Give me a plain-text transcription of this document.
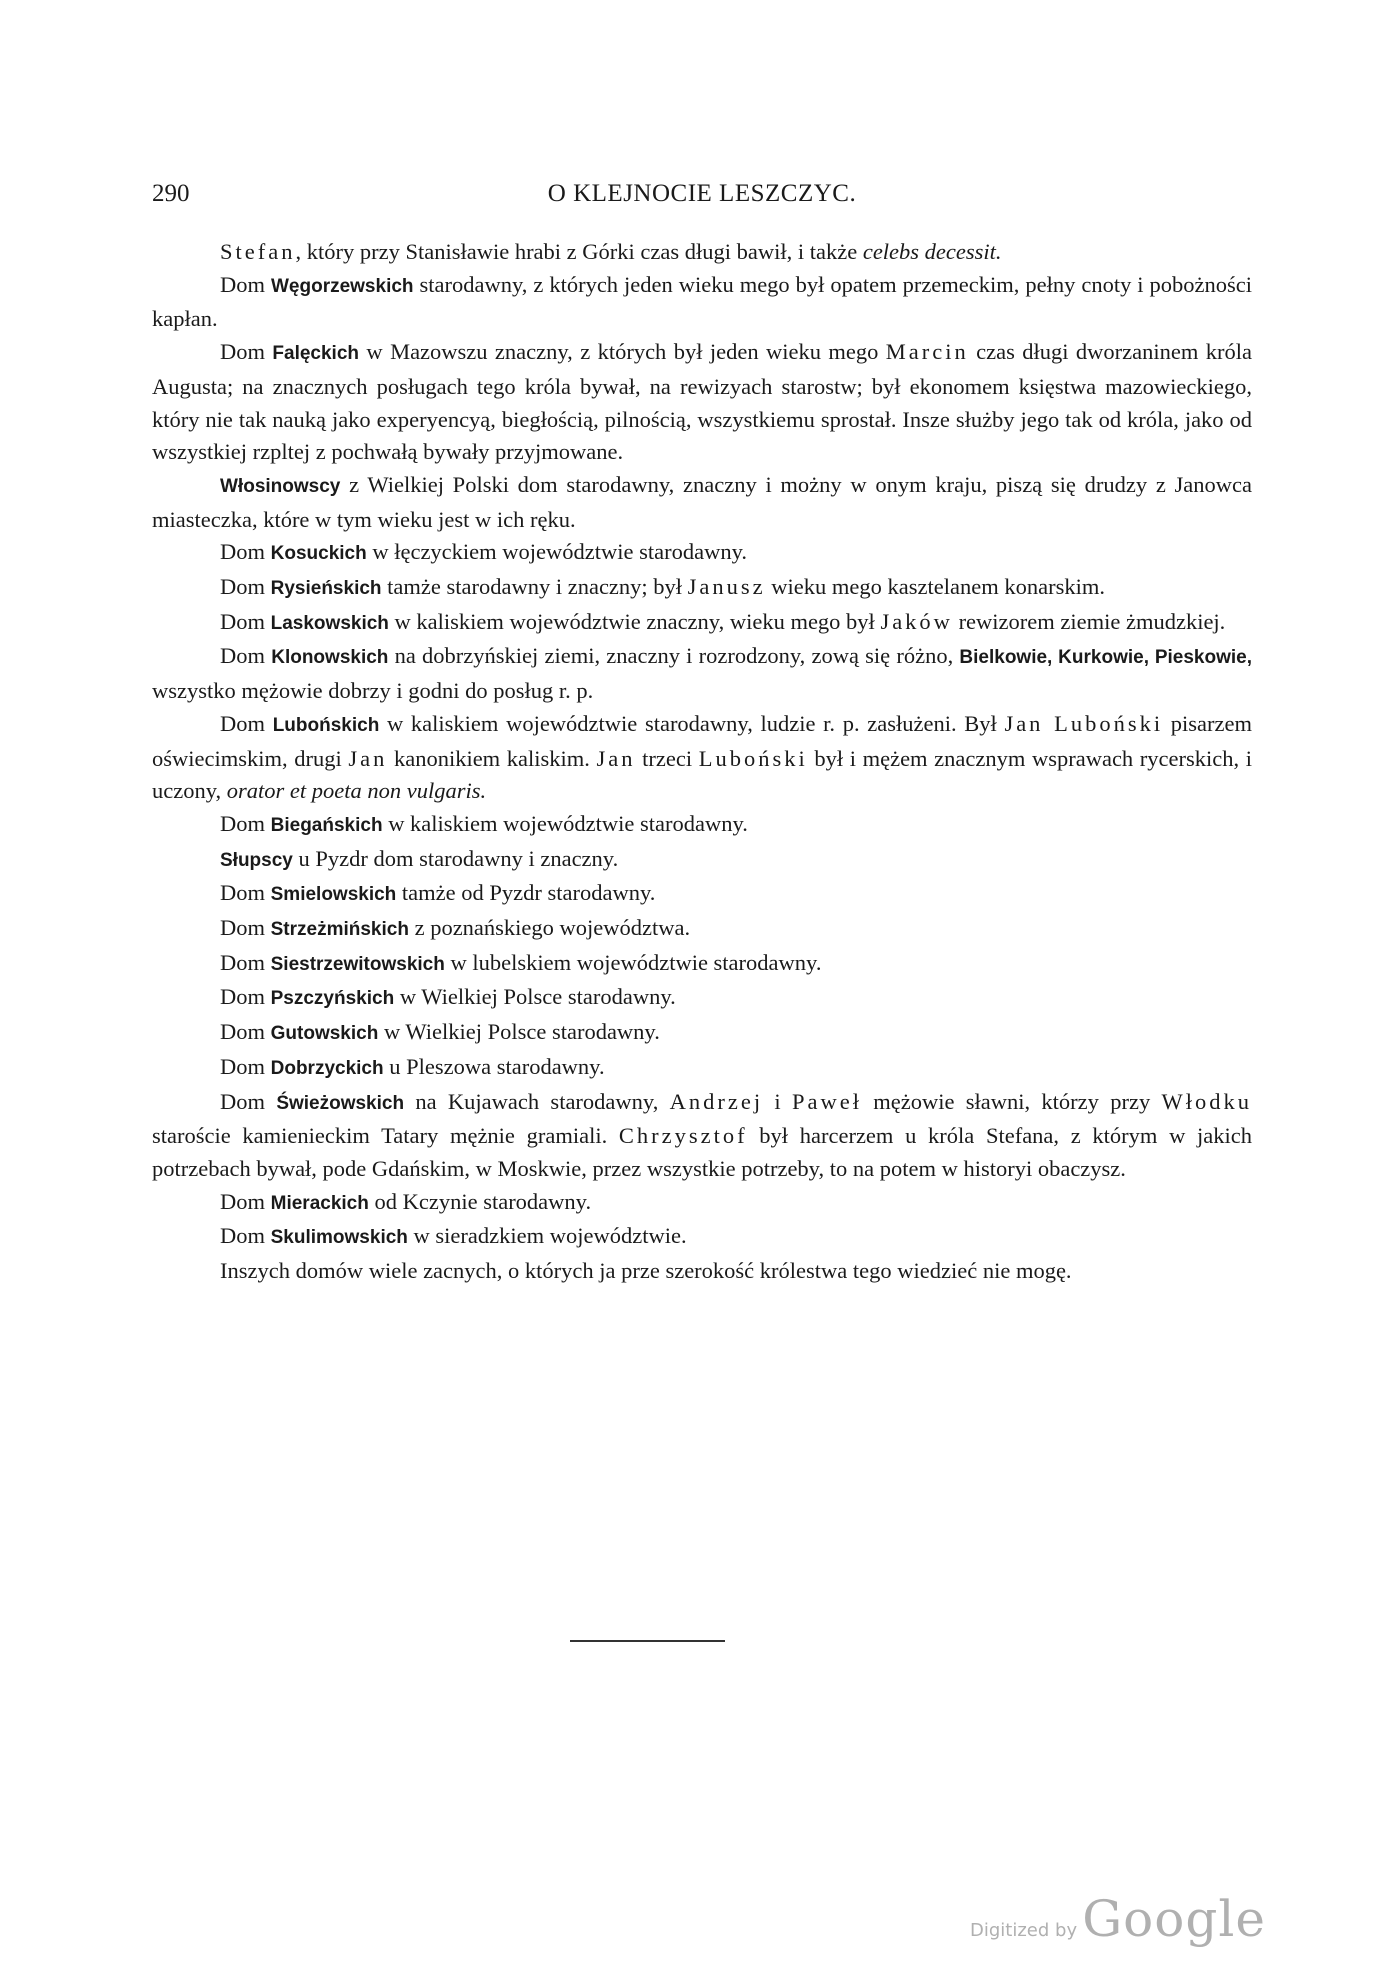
290	O KLEJNOCIE LESZCZYC.

Stefan, który przy Stanisławie hrabi z Górki czas długi bawił, i także celebs decessit.

Dom Węgorzewskich starodawny, z których jeden wieku mego był opatem przemeckim, pełny cnoty i pobożności kapłan.

Dom Falęckich w Mazowszu znaczny, z których był jeden wieku mego Marcin czas długi dworzaninem króla Augusta; na znacznych posługach tego króla bywał, na rewizyach starostw; był ekonomem księstwa mazowieckiego, który nie tak nauką jako experyencyą, biegłością, pilnością, wszystkiemu sprostał. Insze służby jego tak od króla, jako od wszystkiej rzpltej z pochwałą bywały przyjmowane.

Włosinowscy z Wielkiej Polski dom starodawny, znaczny i możny w onym kraju, piszą się drudzy z Janowca miasteczka, które w tym wieku jest w ich ręku.

Dom Kosuckich w łęczyckiem województwie starodawny.

Dom Rysieńskich tamże starodawny i znaczny; był Janusz wieku mego kasztelanem konarskim.

Dom Laskowskich w kaliskiem województwie znaczny, wieku mego był Jaków rewizorem ziemie żmudzkiej.

Dom Klonowskich na dobrzyńskiej ziemi, znaczny i rozrodzony, zową się różno, Bielkowie, Kurkowie, Pieskowie, wszystko mężowie dobrzy i godni do posług r. p.

Dom Lubońskich w kaliskiem województwie starodawny, ludzie r. p. zasłużeni. Był Jan Luboński pisarzem oświecimskim, drugi Jan kanonikiem kaliskim. Jan trzeci Luboński był i mężem znacznym wsprawach rycerskich, i uczony, orator et poeta non vulgaris.

Dom Biegańskich w kaliskiem województwie starodawny.

Słupscy u Pyzdr dom starodawny i znaczny.

Dom Smielowskich tamże od Pyzdr starodawny.

Dom Strzeżmińskich z poznańskiego województwa.

Dom Siestrzewitowskich w lubelskiem województwie starodawny.

Dom Pszczyńskich w Wielkiej Polsce starodawny.

Dom Gutowskich w Wielkiej Polsce starodawny.

Dom Dobrzyckich u Pleszowa starodawny.

Dom Świeżowskich na Kujawach starodawny, Andrzej i Paweł mężowie sławni, którzy przy Włodku staroście kamienieckim Tatary mężnie gramiali. Chrzysztof był harcerzem u króla Stefana, z którym w jakich potrzebach bywał, pode Gdańskim, w Moskwie, przez wszystkie potrzeby, to na potem w historyi obaczysz.

Dom Mierackich od Kczynie starodawny.

Dom Skulimowskich w sieradzkiem województwie.

Inszych domów wiele zacnych, o których ja prze szerokość królestwa tego wiedzieć nie mogę.

Digitized by Google
